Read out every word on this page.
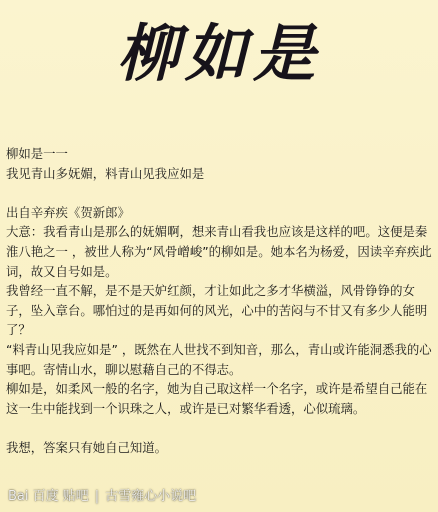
柳如是

柳如是一一

我见青山多妩媚，料青山见我应如是

出自辛弃疾《贺新郎》

大意：我看青山是那么的妩媚啊，想来青山看我也应该是这样的吧。这便是秦淮八艳之一 ，被世人称为“风骨嶒峻”的柳如是。她本名为杨爱，因读辛弃疾此词，故又自号如是。

我曾经一直不解，是不是天妒红颜，才让如此之多才华横溢，风骨铮铮的女子，坠入章台。哪怕过的是再如何的风光，心中的苦闷与不甘又有多少人能明了？

“料青山见我应如是” ，既然在人世找不到知音，那么，青山或许能洞悉我的心事吧。寄情山水，聊以慰藉自己的不得志。

柳如是，如柔风一般的名字，她为自己取这样一个名字，或许是希望自己能在这一生中能找到一个识珠之人，或许是已对繁华看透，心似琉璃。

我想，答案只有她自己知道。

Bai 百度 贴吧 | 古雪雍心小说吧
